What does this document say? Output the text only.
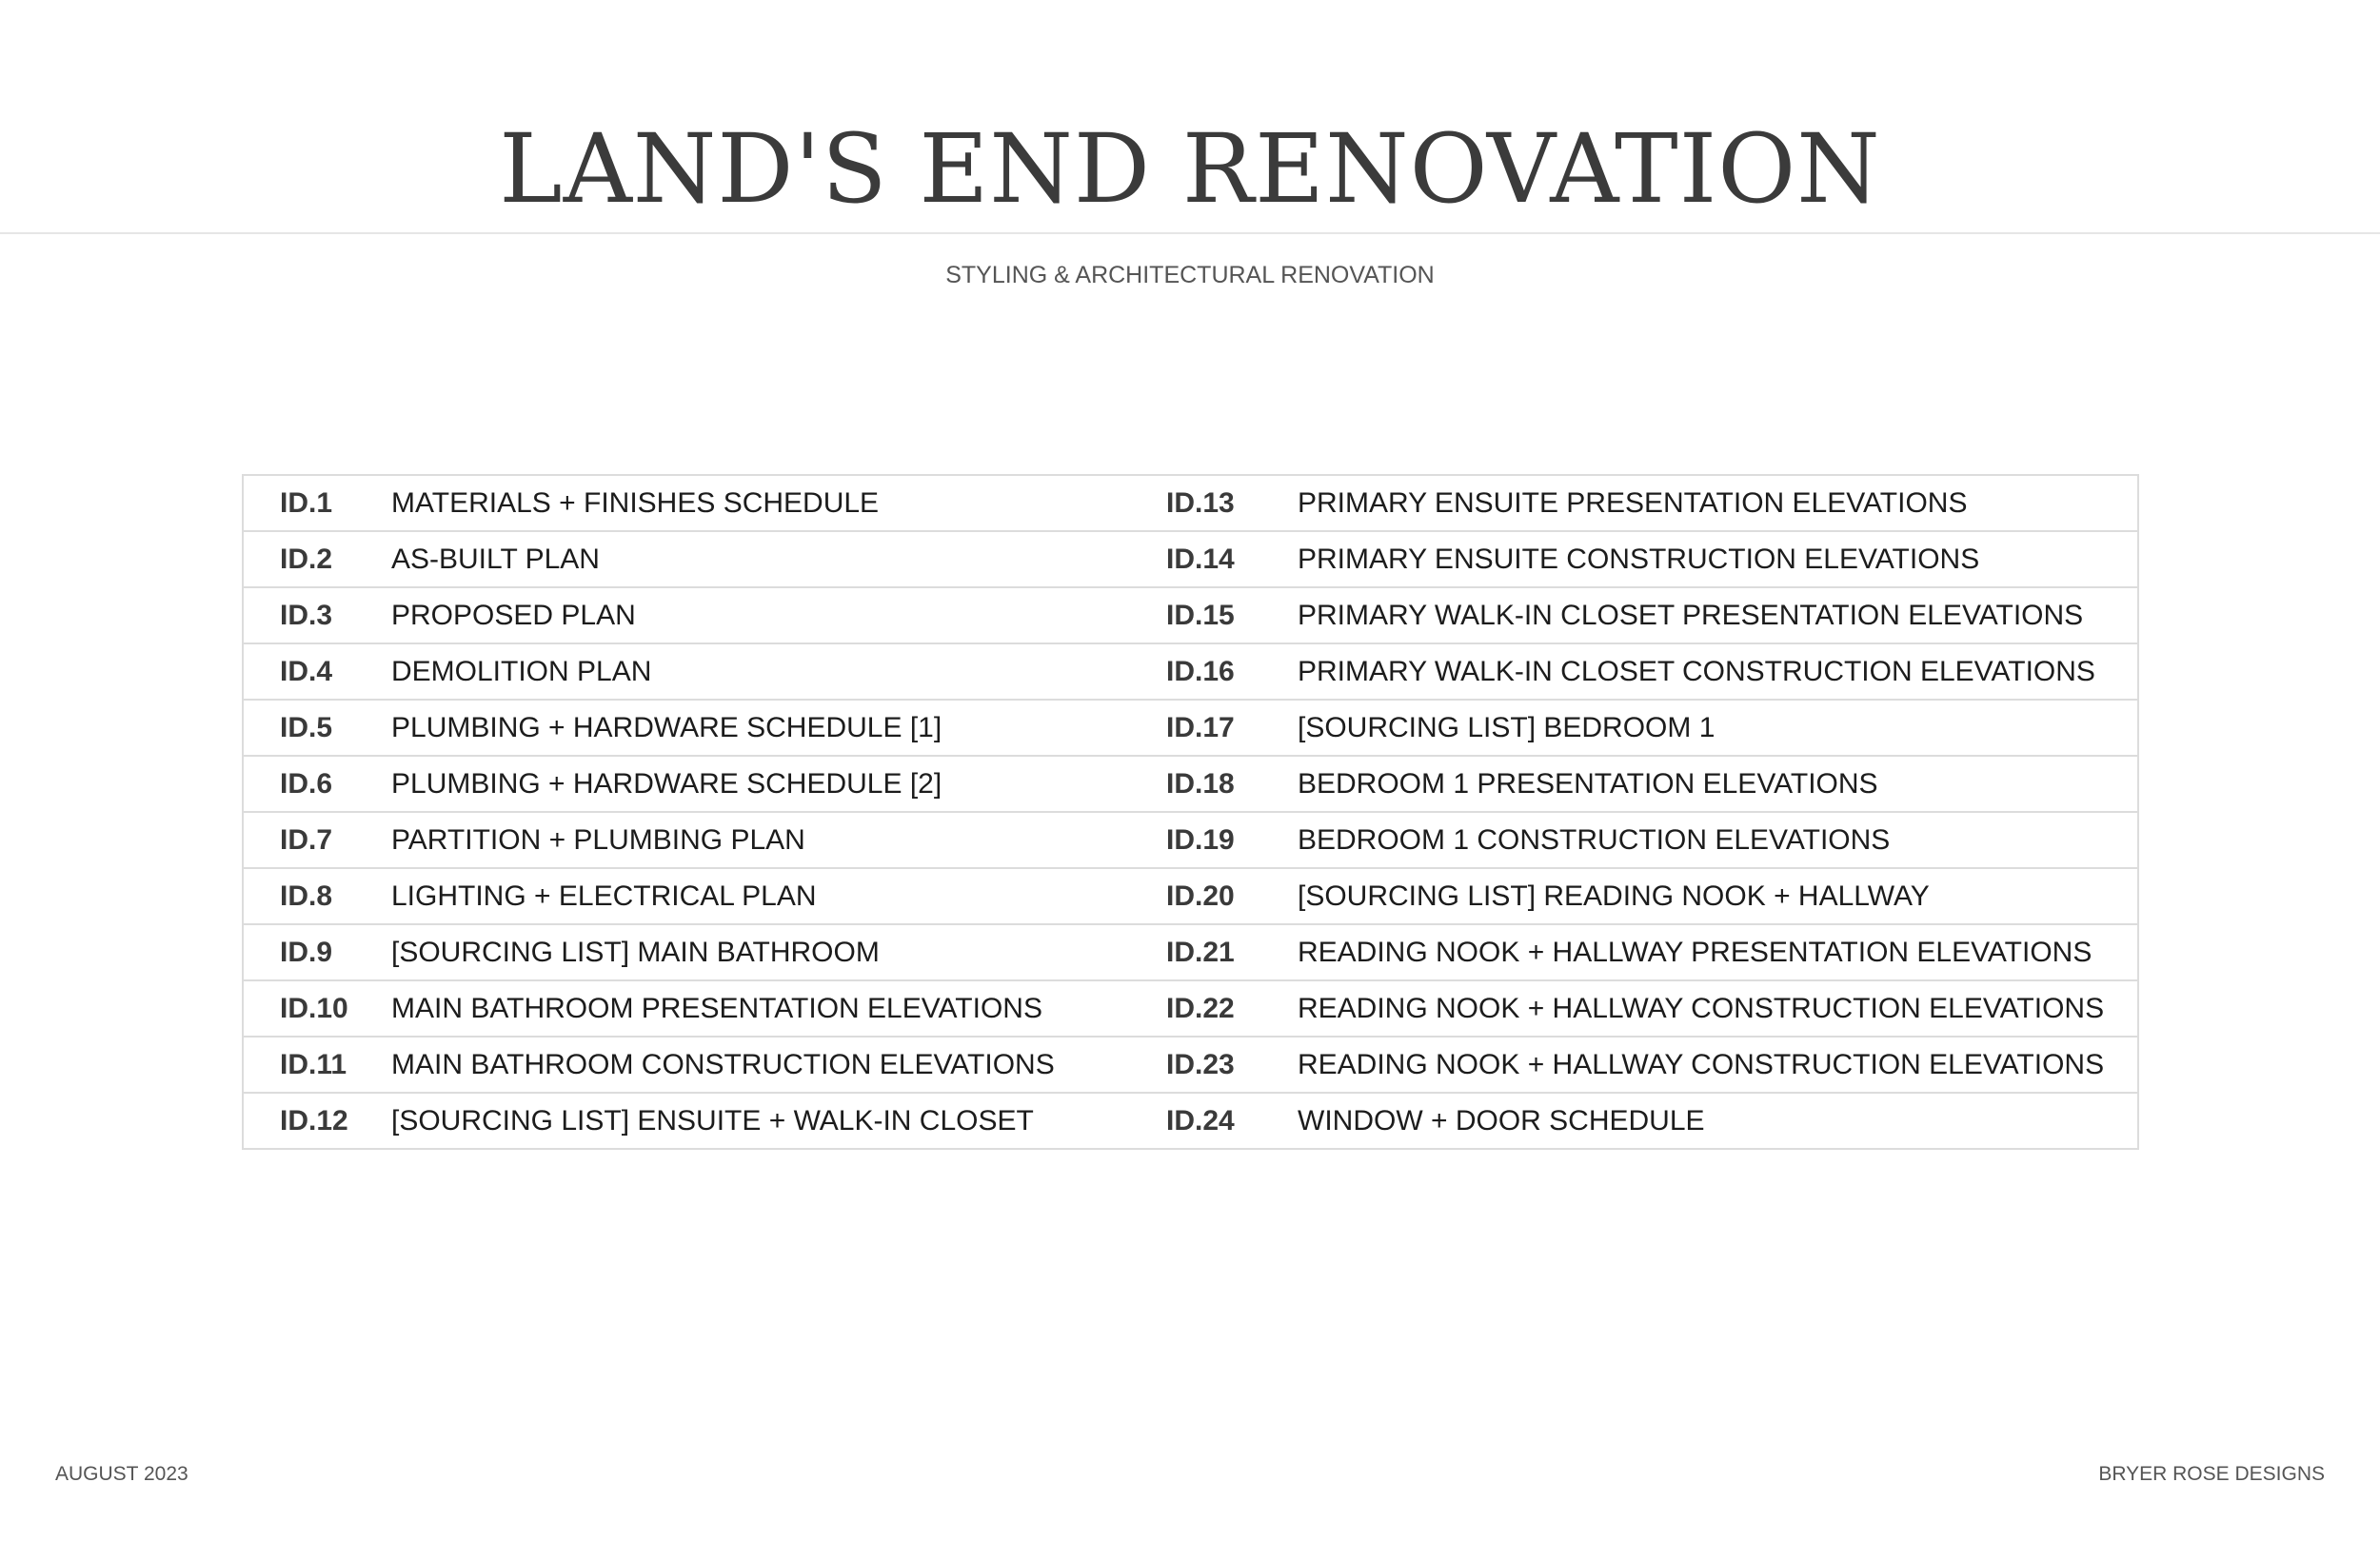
LAND'S END RENOVATION
STYLING & ARCHITECTURAL RENOVATION
ID.1	MATERIALS + FINISHES SCHEDULE	ID.13	PRIMARY ENSUITE PRESENTATION ELEVATIONS
ID.2	AS-BUILT PLAN	ID.14	PRIMARY ENSUITE CONSTRUCTION ELEVATIONS
ID.3	PROPOSED PLAN	ID.15	PRIMARY WALK-IN CLOSET PRESENTATION ELEVATIONS
ID.4	DEMOLITION PLAN	ID.16	PRIMARY WALK-IN CLOSET CONSTRUCTION ELEVATIONS
ID.5	PLUMBING + HARDWARE SCHEDULE [1]	ID.17	[SOURCING LIST] BEDROOM 1
ID.6	PLUMBING + HARDWARE SCHEDULE [2]	ID.18	BEDROOM 1 PRESENTATION ELEVATIONS
ID.7	PARTITION + PLUMBING PLAN	ID.19	BEDROOM 1 CONSTRUCTION ELEVATIONS
ID.8	LIGHTING + ELECTRICAL PLAN	ID.20	[SOURCING LIST] READING NOOK + HALLWAY
ID.9	[SOURCING LIST] MAIN BATHROOM	ID.21	READING NOOK + HALLWAY PRESENTATION ELEVATIONS
ID.10	MAIN BATHROOM PRESENTATION ELEVATIONS	ID.22	READING NOOK + HALLWAY CONSTRUCTION ELEVATIONS
ID.11	MAIN BATHROOM CONSTRUCTION ELEVATIONS	ID.23	READING NOOK + HALLWAY CONSTRUCTION ELEVATIONS
ID.12	[SOURCING LIST] ENSUITE + WALK-IN CLOSET	ID.24	WINDOW + DOOR SCHEDULE
AUGUST 2023	BRYER ROSE DESIGNS
